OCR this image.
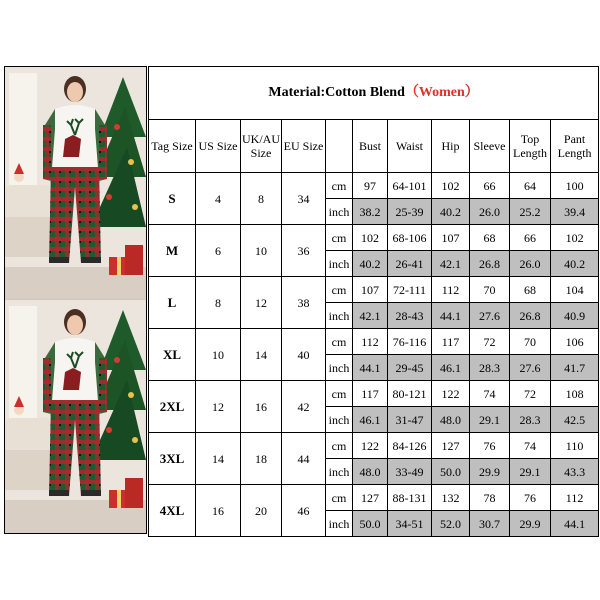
Material:Cotton Blend（Women）										
Tag Size	US Size	UK/AU Size	EU Size		Bust	Waist	Hip	Sleeve	Top Length	Pant Length
S	4	8	34	cm	97	64-101	102	66	64	100
				inch	38.2	25-39	40.2	26.0	25.2	39.4
M	6	10	36	cm	102	68-106	107	68	66	102
				inch	40.2	26-41	42.1	26.8	26.0	40.2
L	8	12	38	cm	107	72-111	112	70	68	104
				inch	42.1	28-43	44.1	27.6	26.8	40.9
XL	10	14	40	cm	112	76-116	117	72	70	106
				inch	44.1	29-45	46.1	28.3	27.6	41.7
2XL	12	16	42	cm	117	80-121	122	74	72	108
				inch	46.1	31-47	48.0	29.1	28.3	42.5
3XL	14	18	44	cm	122	84-126	127	76	74	110
				inch	48.0	33-49	50.0	29.9	29.1	43.3
4XL	16	20	46	cm	127	88-131	132	78	76	112
				inch	50.0	34-51	52.0	30.7	29.9	44.1
